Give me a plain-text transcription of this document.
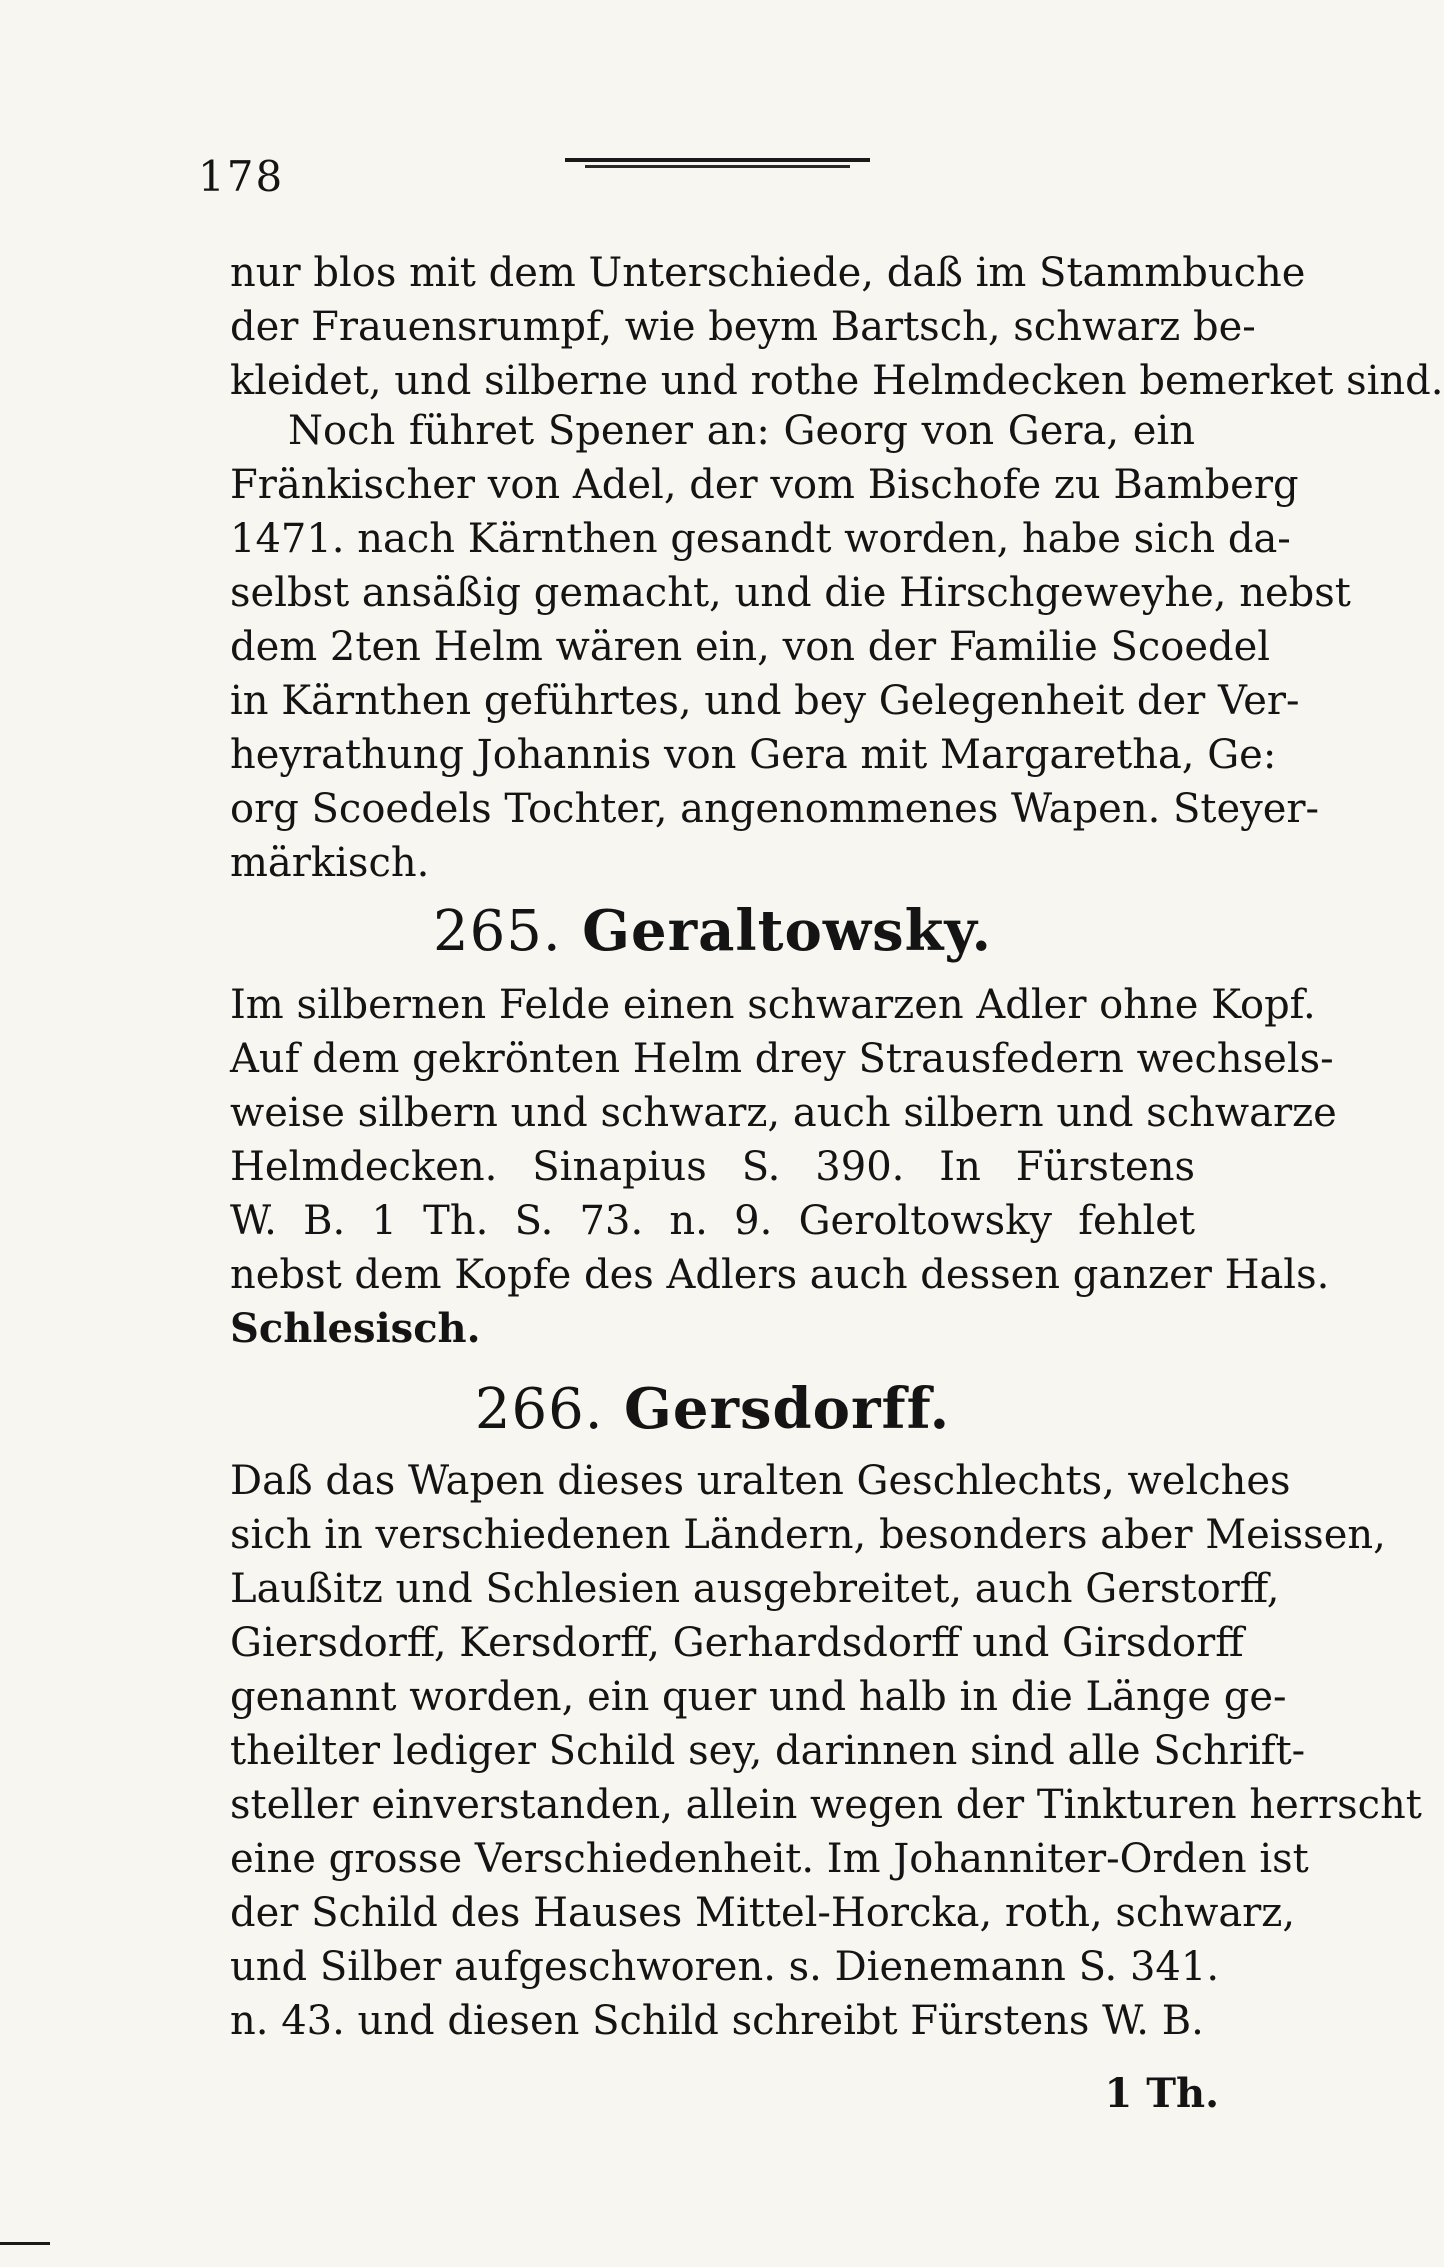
178
nur blos mit dem Unterschiede, daß im Stammbuche
der Frauensrumpf, wie beym Bartsch, schwarz be-
kleidet, und silberne und rothe Helmdecken bemerket sind.
Noch führet Spener an: Georg von Gera, ein
Fränkischer von Adel, der vom Bischofe zu Bamberg
1471. nach Kärnthen gesandt worden, habe sich da-
selbst ansäßig gemacht, und die Hirschgeweyhe, nebst
dem 2ten Helm wären ein, von der Familie Scoedel
in Kärnthen geführtes, und bey Gelegenheit der Ver-
heyrathung Johannis von Gera mit Margaretha, Ge:
org Scoedels Tochter, angenommenes Wapen. Steyer-
märkisch.
265. Geraltowsky.
Im silbernen Felde einen schwarzen Adler ohne Kopf.
Auf dem gekrönten Helm drey Strausfedern wechsels-
weise silbern und schwarz, auch silbern und schwarze
Helmdecken. Sinapius S. 390. In Fürstens
W. B. 1 Th. S. 73. n. 9. Geroltowsky fehlet
nebst dem Kopfe des Adlers auch dessen ganzer Hals.
Schlesisch.
266. Gersdorff.
Daß das Wapen dieses uralten Geschlechts, welches
sich in verschiedenen Ländern, besonders aber Meissen,
Laußitz und Schlesien ausgebreitet, auch Gerstorff,
Giersdorff, Kersdorff, Gerhardsdorff und Girsdorff
genannt worden, ein quer und halb in die Länge ge-
theilter lediger Schild sey, darinnen sind alle Schrift-
steller einverstanden, allein wegen der Tinkturen herrscht
eine grosse Verschiedenheit. Im Johanniter-Orden ist
der Schild des Hauses Mittel-Horcka, roth, schwarz,
und Silber aufgeschworen. s. Dienemann S. 341.
n. 43. und diesen Schild schreibt Fürstens W. B.
1 Th.
